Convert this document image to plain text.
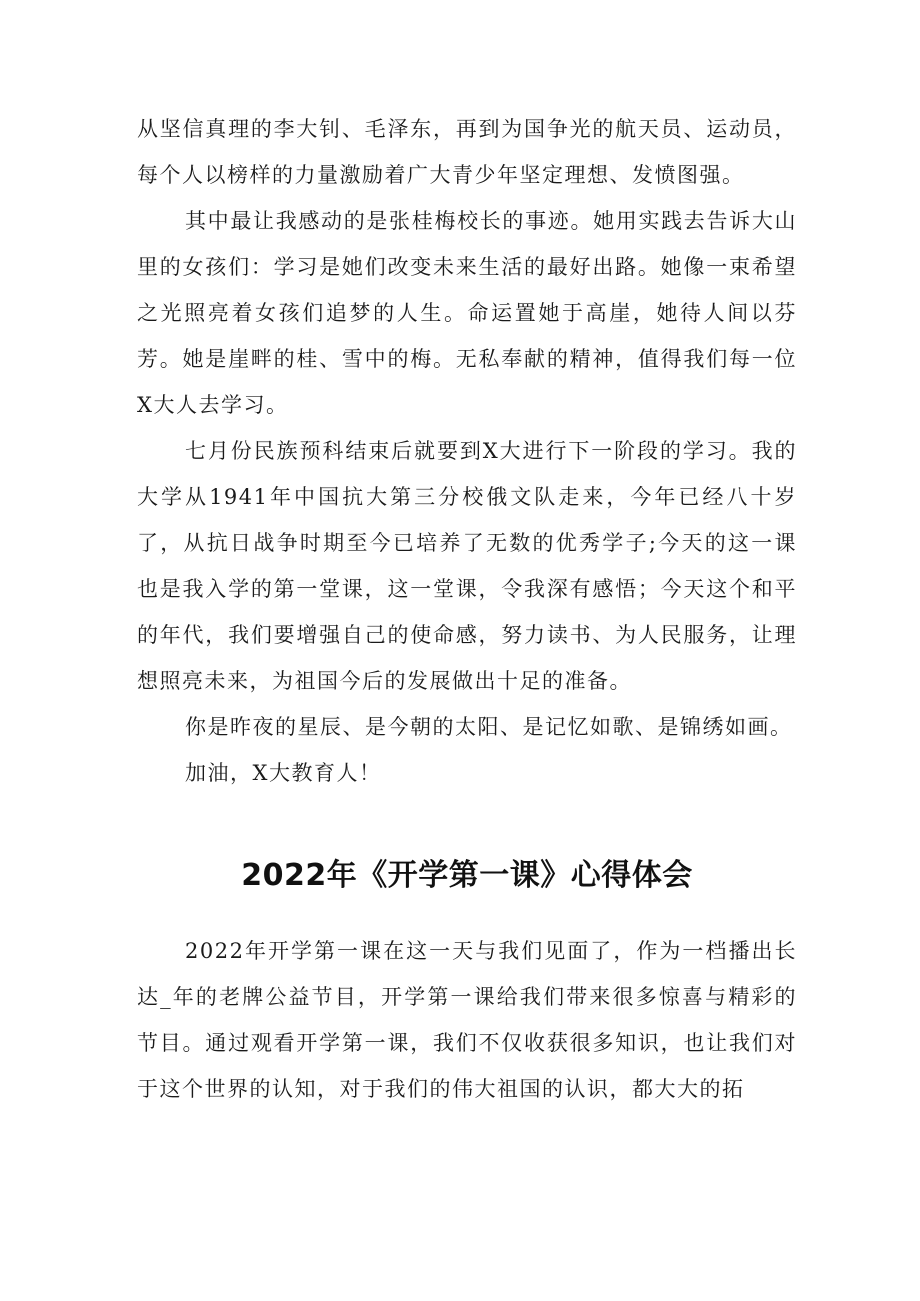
从坚信真理的李大钊、毛泽东，再到为国争光的航天员、运动员，每个人以榜样的力量激励着广大青少年坚定理想、发愤图强。

其中最让我感动的是张桂梅校长的事迹。她用实践去告诉大山里的女孩们：学习是她们改变未来生活的最好出路。她像一束希望之光照亮着女孩们追梦的人生。命运置她于高崖，她待人间以芬芳。她是崖畔的桂、雪中的梅。无私奉献的精神，值得我们每一位X大人去学习。

七月份民族预科结束后就要到X大进行下一阶段的学习。我的大学从1941年中国抗大第三分校俄文队走来，今年已经八十岁了，从抗日战争时期至今已培养了无数的优秀学子;今天的这一课也是我入学的第一堂课，这一堂课，令我深有感悟；今天这个和平的年代，我们要增强自己的使命感，努力读书、为人民服务，让理想照亮未来，为祖国今后的发展做出十足的准备。

你是昨夜的星辰、是今朝的太阳、是记忆如歌、是锦绣如画。

加油，X大教育人！

2022年《开学第一课》心得体会

2022年开学第一课在这一天与我们见面了，作为一档播出长达_年的老牌公益节目，开学第一课给我们带来很多惊喜与精彩的节目。通过观看开学第一课，我们不仅收获很多知识，也让我们对于这个世界的认知，对于我们的伟大祖国的认识，都大大的拓
